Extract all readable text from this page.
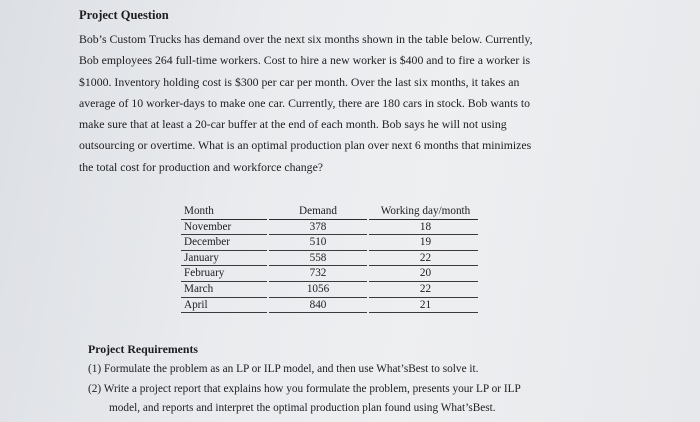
Project Question

Bob’s Custom Trucks has demand over the next six months shown in the table below. Currently,

Bob employees 264 full-time workers. Cost to hire a new worker is $400 and to fire a worker is

$1000. Inventory holding cost is $300 per car per month. Over the last six months, it takes an

average of 10 worker-days to make one car. Currently, there are 180 cars in stock. Bob wants to

make sure that at least a 20-car buffer at the end of each month. Bob says he will not using

outsourcing or overtime. What is an optimal production plan over next 6 months that minimizes

the total cost for production and workforce change?

Month		Demand		Working day/month
November		378		18
December		510		19
January		558		22
February		732		20
March		1056		22
April		840		21
Project Requirements

(1) Formulate the problem as an LP or ILP model, and then use What’sBest to solve it.

(2) Write a project report that explains how you formulate the problem, presents your LP or ILP

model, and reports and interpret the optimal production plan found using What’sBest.
